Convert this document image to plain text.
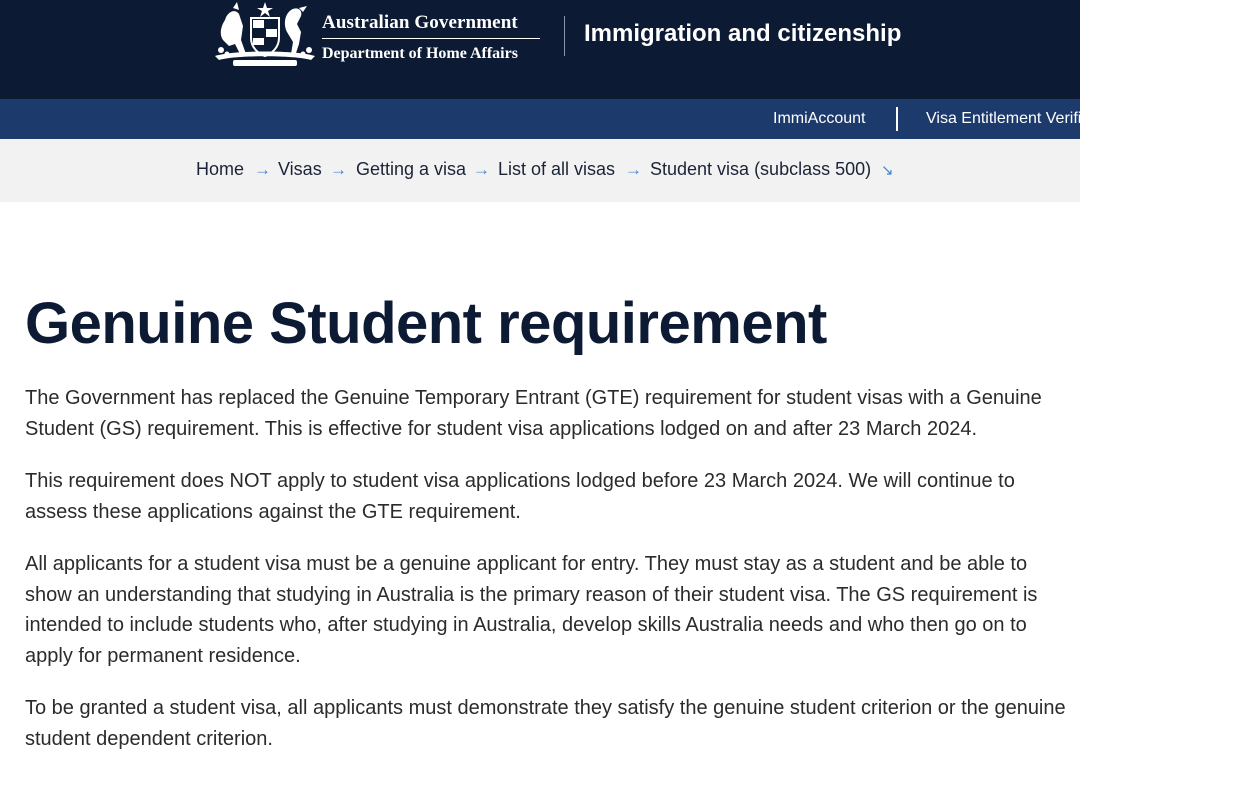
Australian Government
Department of Home Affairs
Immigration and citizenship
ImmiAccount	Visa Entitlement Verification Online (VEVO)
Home → Visas → Getting a visa → List of all visas → Student visa (subclass 500) ↘
Genuine Student requirement

The Government has replaced the Genuine Temporary Entrant (GTE) requirement for student visas with a Genuine Student (GS) requirement. This is effective for student visa applications lodged on and after 23 March 2024.

This requirement does NOT apply to student visa applications lodged before 23 March 2024. We will continue to assess these applications against the GTE requirement.

All applicants for a student visa must be a genuine applicant for entry. They must stay as a student and be able to show an understanding that studying in Australia is the primary reason of their student visa. The GS requirement is intended to include students who, after studying in Australia, develop skills Australia needs and who then go on to apply for permanent residence.

To be granted a student visa, all applicants must demonstrate they satisfy the genuine student criterion or the genuine student dependent criterion.
